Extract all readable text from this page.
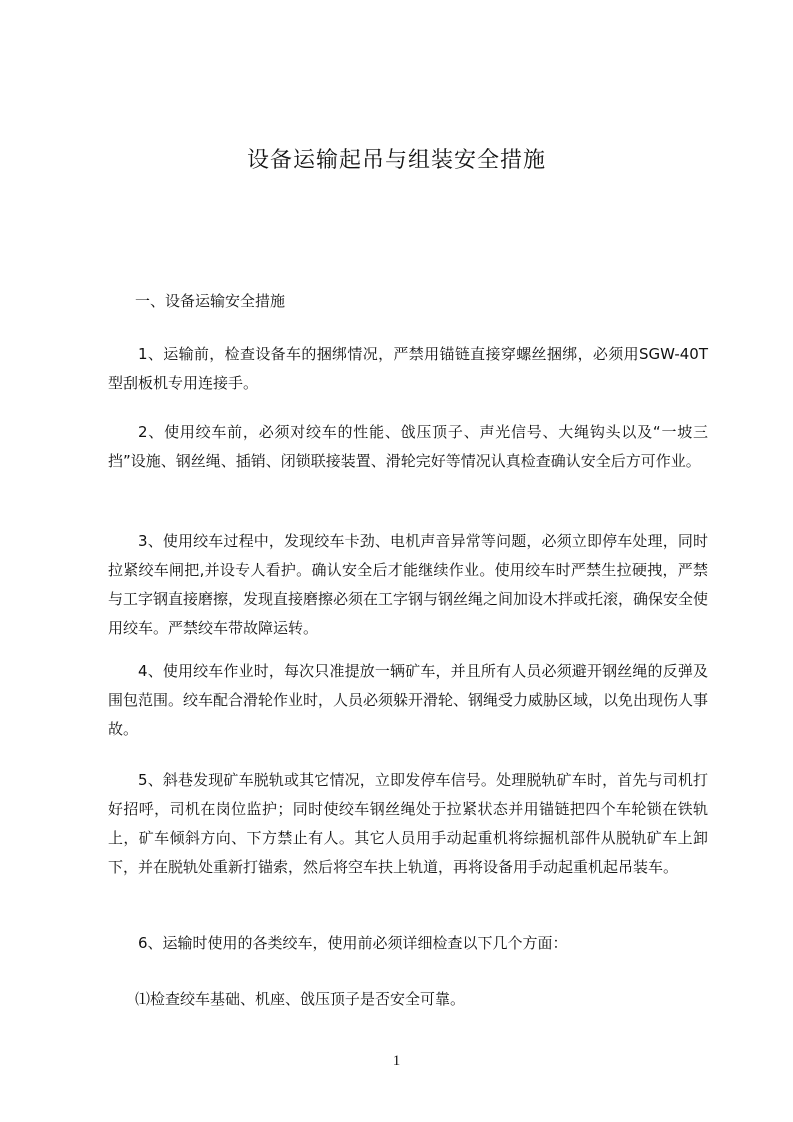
设备运输起吊与组装安全措施
一、设备运输安全措施

1、运输前，检查设备车的捆绑情况，严禁用锚链直接穿螺丝捆绑，必须用SGW-40T型刮板机专用连接手。

2、使用绞车前，必须对绞车的性能、戗压顶子、声光信号、大绳钩头以及“一坡三挡”设施、钢丝绳、插销、闭锁联接装置、滑轮完好等情况认真检查确认安全后方可作业。

3、使用绞车过程中，发现绞车卡劲、电机声音异常等问题，必须立即停车处理，同时拉紧绞车闸把,并设专人看护。确认安全后才能继续作业。使用绞车时严禁生拉硬拽，严禁与工字钢直接磨擦，发现直接磨擦必须在工字钢与钢丝绳之间加设木拌或托滚，确保安全使用绞车。严禁绞车带故障运转。

4、使用绞车作业时，每次只准提放一辆矿车，并且所有人员必须避开钢丝绳的反弹及围包范围。绞车配合滑轮作业时，人员必须躲开滑轮、钢绳受力威胁区域，以免出现伤人事故。

5、斜巷发现矿车脱轨或其它情况，立即发停车信号。处理脱轨矿车时，首先与司机打好招呼，司机在岗位监护；同时使绞车钢丝绳处于拉紧状态并用锚链把四个车轮锁在铁轨上，矿车倾斜方向、下方禁止有人。其它人员用手动起重机将综掘机部件从脱轨矿车上卸下，并在脱轨处重新打锚索，然后将空车扶上轨道，再将设备用手动起重机起吊装车。

6、运输时使用的各类绞车，使用前必须详细检查以下几个方面：

⑴检查绞车基础、机座、戗压顶子是否安全可靠。

1
